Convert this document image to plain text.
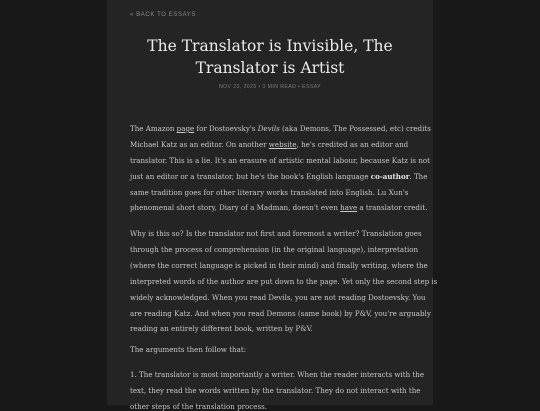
« BACK TO ESSAYS
The Translator is Invisible, The Translator is Artist
NOV 23, 2025 • 3 MIN READ • ESSAY
The Amazon page for Dostoevsky's Devils (aka Demons, The Possessed, etc) credits
Michael Katz as an editor. On another website, he's credited as an editor and
translator. This is a lie. It's an erasure of artistic mental labour, because Katz is not
just an editor or a translator, but he's the book's English language co-author. The
same tradition goes for other literary works translated into English. Lu Xun's
phenomenal short story, Diary of a Madman, doesn't even have a translator credit.
Why is this so? Is the translator not first and foremost a writer? Translation goes
through the process of comprehension (in the original language), interpretation
(where the correct language is picked in their mind) and finally writing, where the
interpreted words of the author are put down to the page. Yet only the second step is
widely acknowledged. When you read Devils, you are not reading Dostoevsky. You
are reading Katz. And when you read Demons (same book) by P&V, you're arguably
reading an entirely different book, written by P&V.
The arguments then follow that:
1. The translator is most importantly a writer. When the reader interacts with the
text, they read the words written by the translator. They do not interact with the
other steps of the translation process.
